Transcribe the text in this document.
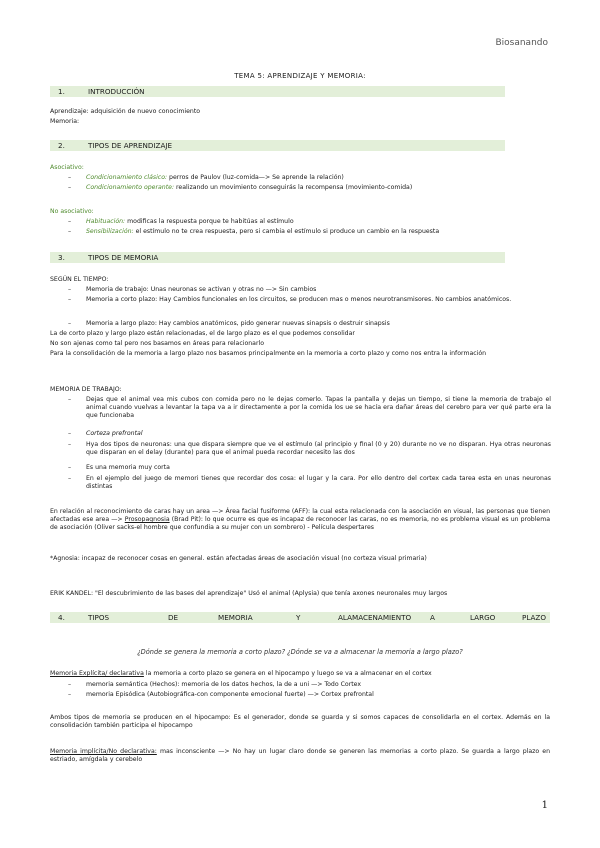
Biosanando
TEMA 5: APRENDIZAJE Y MEMORIA:
1.	INTRODUCCIÓN
Aprendizaje: adquisición de nuevo conocimiento
Memoria:
2.	TIPOS DE APRENDIZAJE
Asociativo:
– Condicionamiento clásico: perros de Paulov (luz-comida—> Se aprende la relación)
– Condicionamiento operante: realizando un movimiento conseguirás la recompensa (movimiento-comida)
No asociativo:
– Habituación: modificas la respuesta porque te habitúas al estímulo
– Sensibilización: el estímulo no te crea respuesta, pero si cambia el estímulo si produce un cambio en la respuesta
3.	TIPOS DE MEMORIA
SEGÚN EL TIEMPO:
– Memoria de trabajo: Unas neuronas se activan y otras no —> Sin cambios
– Memoria a corto plazo: Hay Cambios funcionales en los circuitos, se producen mas o menos neurotransmisores. No cambios anatómicos.
– Memoria a largo plazo: Hay cambios anatómicos, pido generar nuevas sinapsis o destruir sinapsis
La de corto plazo y largo plazo están relacionadas, el de largo plazo es el que podemos consolidar
No son ajenas como tal pero nos basamos en áreas para relacionarlo
Para la consolidación de la memoria a largo plazo nos basamos principalmente en la memoria a corto plazo y como nos entra la información
MEMORIA DE TRABAJO:
– Dejas que el animal vea mis cubos con comida pero no le dejas comerlo. Tapas la pantalla y dejas un tiempo, si tiene la memoria de trabajo el animal cuando vuelvas a levantar la tapa va a ir directamente a por la comida los ue se hacía era dañar áreas del cerebro para ver qué parte era la que funcionaba
– Corteza prefrontal
– Hya dos tipos de neuronas: una que dispara siempre que ve el estímulo (al principio y final (0 y 20) durante no ve no disparan. Hya otras neuronas que disparan en el delay (durante) para que el animal pueda recordar necesito las dos
– Es una memoria muy corta
– En el ejemplo del juego de memori tienes que recordar dos cosa: el lugar y la cara. Por ello dentro del cortex cada tarea esta en unas neuronas distintas
En relación al reconocimiento de caras hay un area —> Área facial fusiforme (AFF): la cual esta relacionada con la asociación en visual, las personas que tienen afectadas ese area —> Prosopagnosia (Brad Pit): lo que ocurre es que es incapaz de reconocer las caras, no es memoria, no es problema visual es un problema de asociación (Oliver sacks-el hombre que confundia a su mujer con un sombrero) - Película despertares
*Agnosia: incapaz de reconocer cosas en general. están afectadas áreas de asociación visual (no corteza visual primaria)
ERIK KANDEL: "El descubrimiento de las bases del aprendizaje" Usó el animal (Aplysia) que tenía axones neuronales muy largos
4.	TIPOS	DE	MEMORIA	Y	ALAMACENAMIENTO	A	LARGO	PLAZO
¿Dónde se genera la memoria a corto plazo? ¿Dónde se va a almacenar la memoria a largo plazo?
Memoria Explícita/ declarativa la memoria a corto plazo se genera en el hipocampo y luego se va a almacenar en el cortex
– memoria semántica (Hechos): memoria de los datos hechos, la de a uni —> Todo Cortex
– memoria Episódica (Autobiográfica-con componente emocional fuerte) —> Cortex prefrontal
Ambos tipos de memoria se producen en el hipocampo: Es el generador, donde se guarda y si somos capaces de consolidarla en el cortex. Además en la consolidación también participa el hipocampo
Memoria implícita/No declarativa: mas inconsciente —> No hay un lugar claro donde se generen las memorias a corto plazo. Se guarda a largo plazo en estriado, amígdala y cerebelo
1
